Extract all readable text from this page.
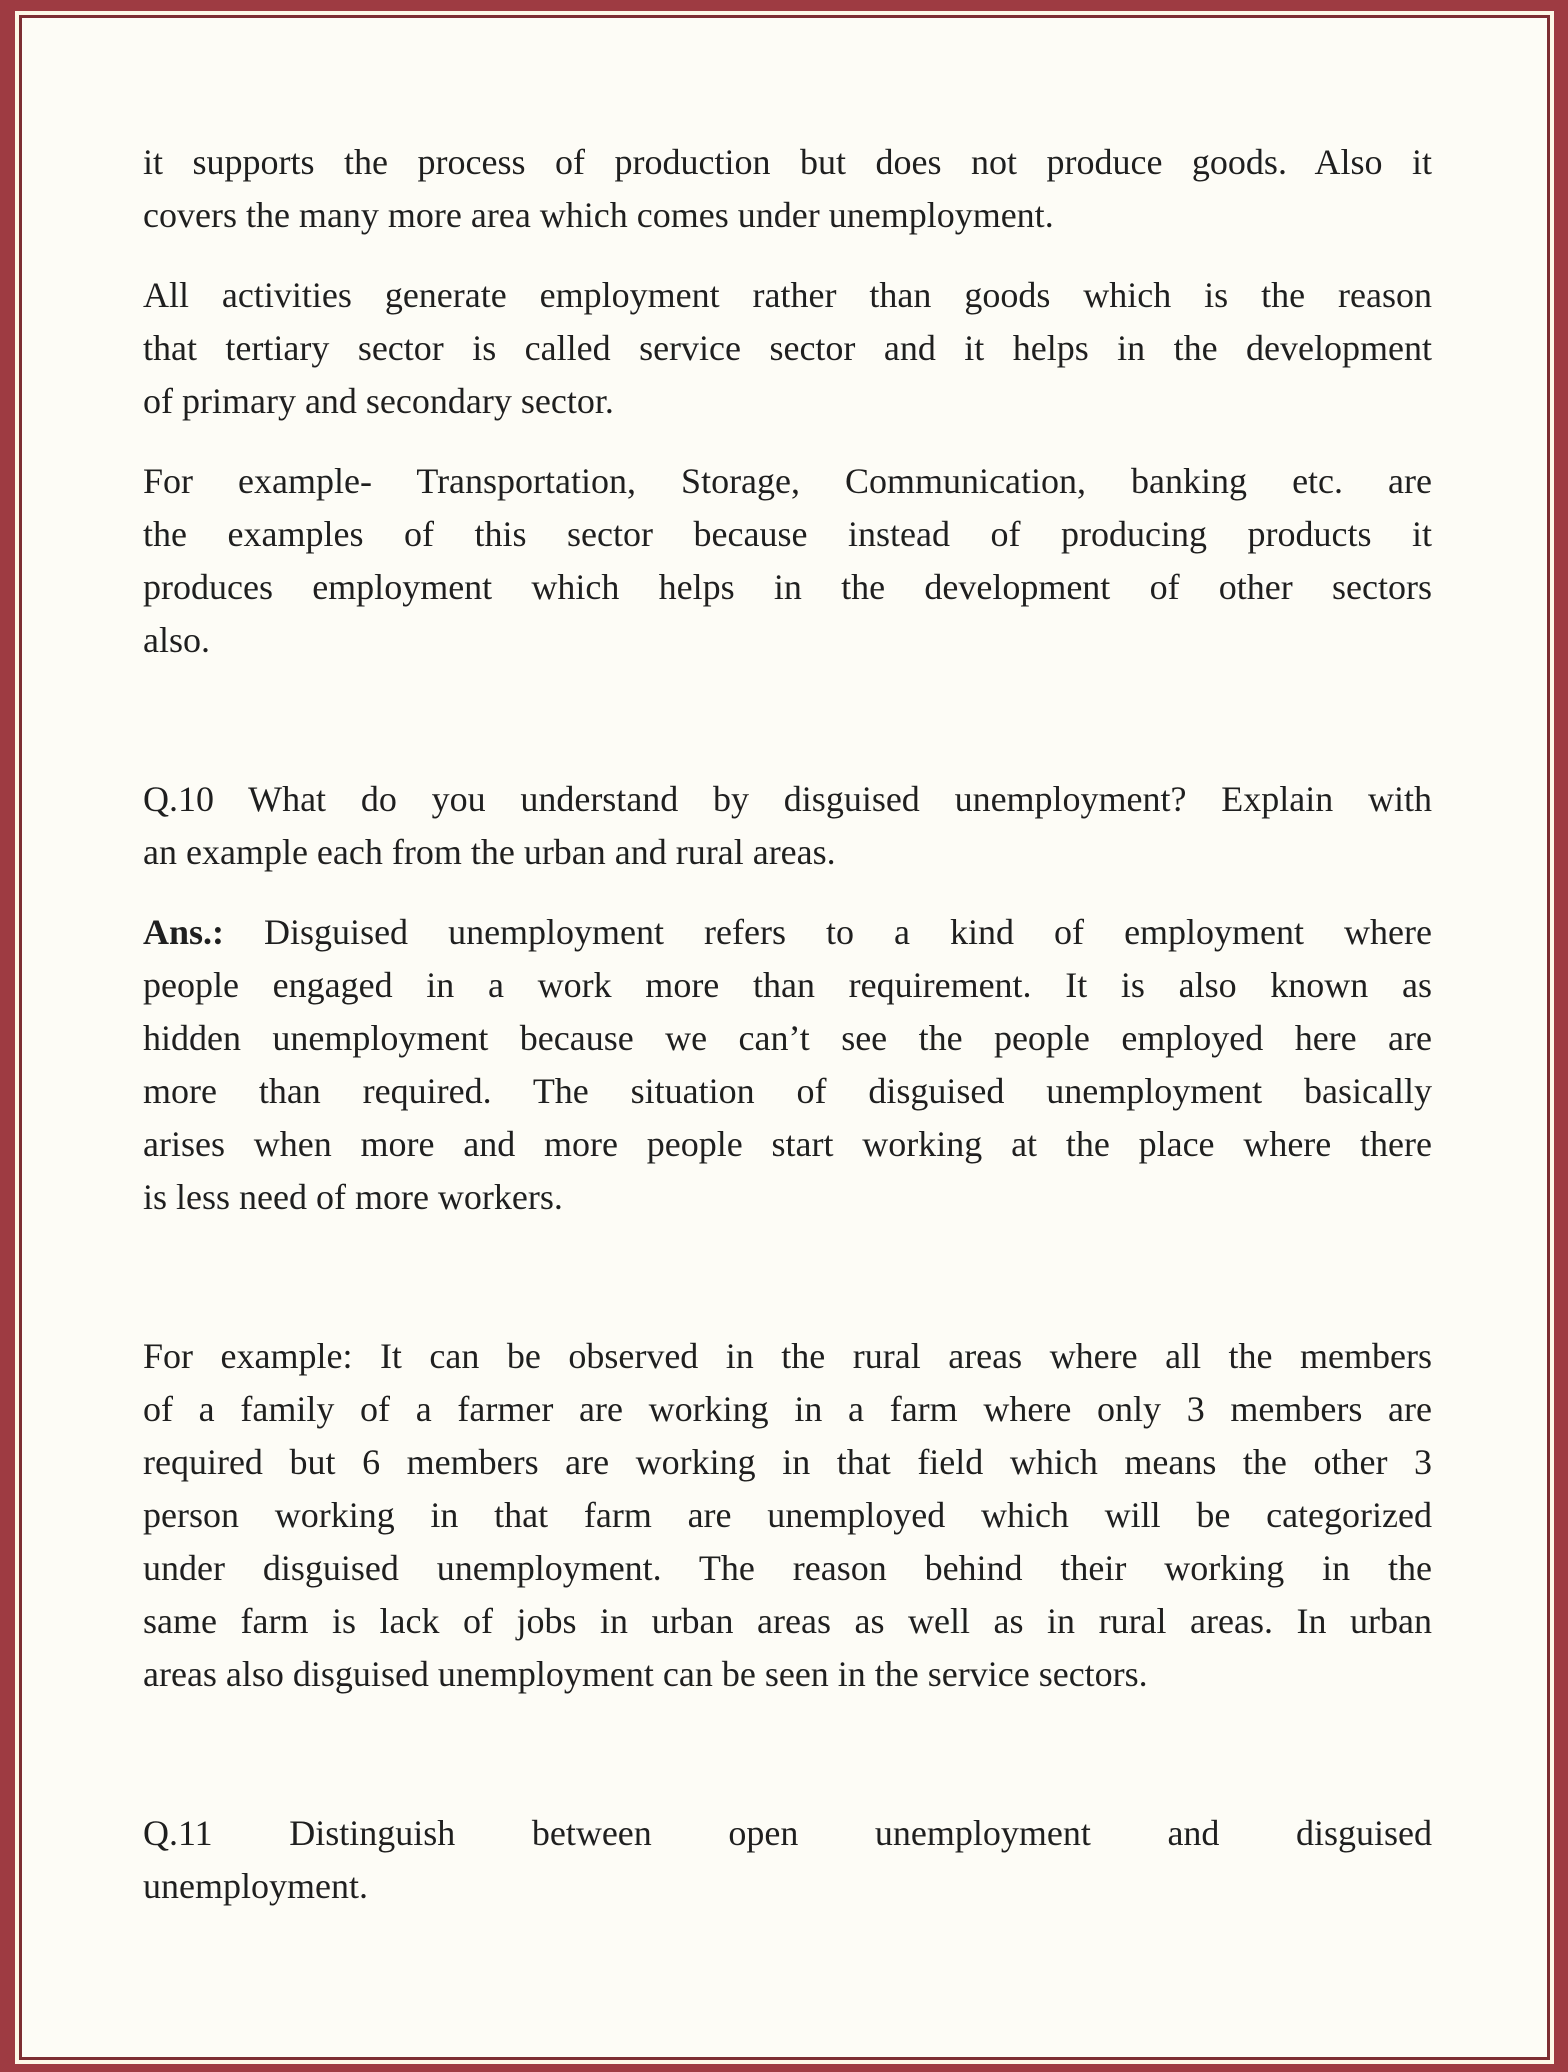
it supports the process of production but does not produce goods. Also it
covers the many more area which comes under unemployment.
All activities generate employment rather than goods which is the reason
that tertiary sector is called service sector and it helps in the development
of primary and secondary sector.
For example- Transportation, Storage, Communication, banking etc. are
the examples of this sector because instead of producing products it
produces employment which helps in the development of other sectors
also.
Q.10 What do you understand by disguised unemployment? Explain with
an example each from the urban and rural areas.
Ans.: Disguised unemployment refers to a kind of employment where
people engaged in a work more than requirement. It is also known as
hidden unemployment because we can’t see the people employed here are
more than required. The situation of disguised unemployment basically
arises when more and more people start working at the place where there
is less need of more workers.
For example: It can be observed in the rural areas where all the members
of a family of a farmer are working in a farm where only 3 members are
required but 6 members are working in that field which means the other 3
person working in that farm are unemployed which will be categorized
under disguised unemployment. The reason behind their working in the
same farm is lack of jobs in urban areas as well as in rural areas. In urban
areas also disguised unemployment can be seen in the service sectors.
Q.11 Distinguish between open unemployment and disguised
unemployment.
